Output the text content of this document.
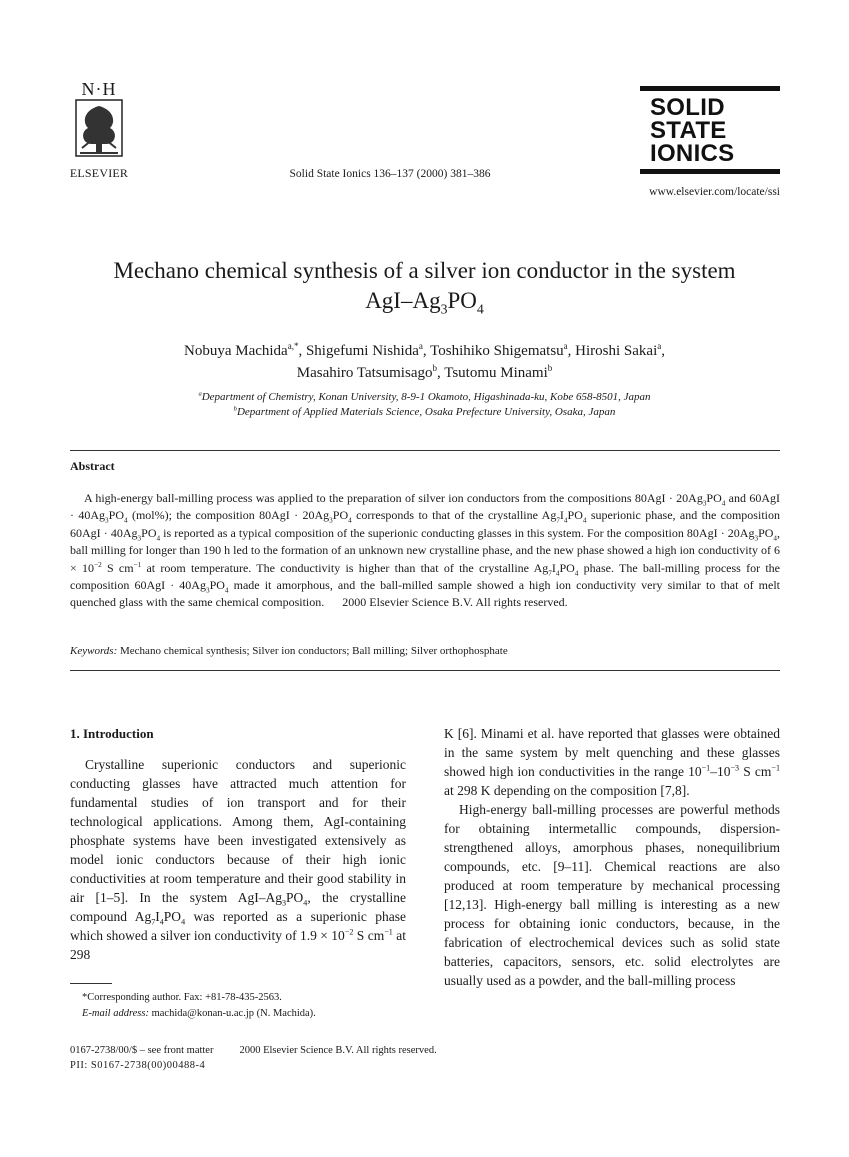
N·H
ELSEVIER	Solid State Ionics 136–137 (2000) 381–386
SOLID
STATE
IONICS
www.elsevier.com/locate/ssi
Mechano chemical synthesis of a silver ion conductor in the system
AgI–$Ag_3PO_4$
Nobuya Machida$^{a,*}$, Shigefumi Nishida$^a$, Toshihiko Shigematsu$^a$, Hiroshi Sakai$^a$,
Masahiro Tatsumisago$^b$, Tsutomu Minami$^b$
$^a$Department of Chemistry, Konan University, 8-9-1 Okamoto, Higashinada-ku, Kobe 658-8501, Japan
$^b$Department of Applied Materials Science, Osaka Prefecture University, Osaka, Japan
Abstract

A high-energy ball-milling process was applied to the preparation of silver ion conductors from the compositions $80AgI \cdot 20Ag_3PO_4$ and $60AgI \cdot 40Ag_3PO_4$ (mol%); the composition $80AgI \cdot 20Ag_3PO_4$ corresponds to that of the crystalline $Ag_7I_4PO_4$ superionic phase, and the composition $60AgI \cdot 40Ag_3PO_4$ is reported as a typical composition of the superionic conducting glasses in this system. For the composition $80AgI \cdot 20Ag_3PO_4$, ball milling for longer than 190 h led to the formation of an unknown new crystalline phase, and the new phase showed a high ion conductivity of $6 \times 10^{-2}$ S $cm^{-1}$ at room temperature. The conductivity is higher than that of the crystalline $Ag_7I_4PO_4$ phase. The ball-milling process for the composition $60AgI \cdot 40Ag_3PO_4$ made it amorphous, and the ball-milled sample showed a high ion conductivity very similar to that of melt quenched glass with the same chemical composition. 2000 Elsevier Science B.V. All rights reserved.

Keywords: Mechano chemical synthesis; Silver ion conductors; Ball milling; Silver orthophosphate

1. Introduction

Crystalline superionic conductors and superionic conducting glasses have attracted much attention for fundamental studies of ion transport and for their technological applications. Among them, AgI-containing phosphate systems have been investigated extensively as model ionic conductors because of their high ionic conductivities at room temperature and their good stability in air [1–5]. In the system AgI–$Ag_3PO_4$, the crystalline compound $Ag_7I_4PO_4$ was reported as a superionic phase which showed a silver ion conductivity of $1.9 \times 10^{-2}$ S $cm^{-1}$ at 298

K [6]. Minami et al. have reported that glasses were obtained in the same system by melt quenching and these glasses showed high ion conductivities in the range $10^{-1}-10^{-3}$ S $cm^{-1}$ at 298 K depending on the composition [7,8].

High-energy ball-milling processes are powerful methods for obtaining intermetallic compounds, dispersion-strengthened alloys, amorphous phases, nonequilibrium compounds, etc. [9–11]. Chemical reactions are also produced at room temperature by mechanical processing [12,13]. High-energy ball milling is interesting as a new process for obtaining ionic conductors, because, in the fabrication of electrochemical devices such as solid state batteries, capacitors, sensors, etc. solid electrolytes are usually used as a powder, and the ball-milling process

*Corresponding author. Fax: +81-78-435-2563.

E-mail address: machida@konan-u.ac.jp (N. Machida).

0167-2738/00/$ – see front matter 2000 Elsevier Science B.V. All rights reserved.
PII: S0167-2738(00)00488-4
